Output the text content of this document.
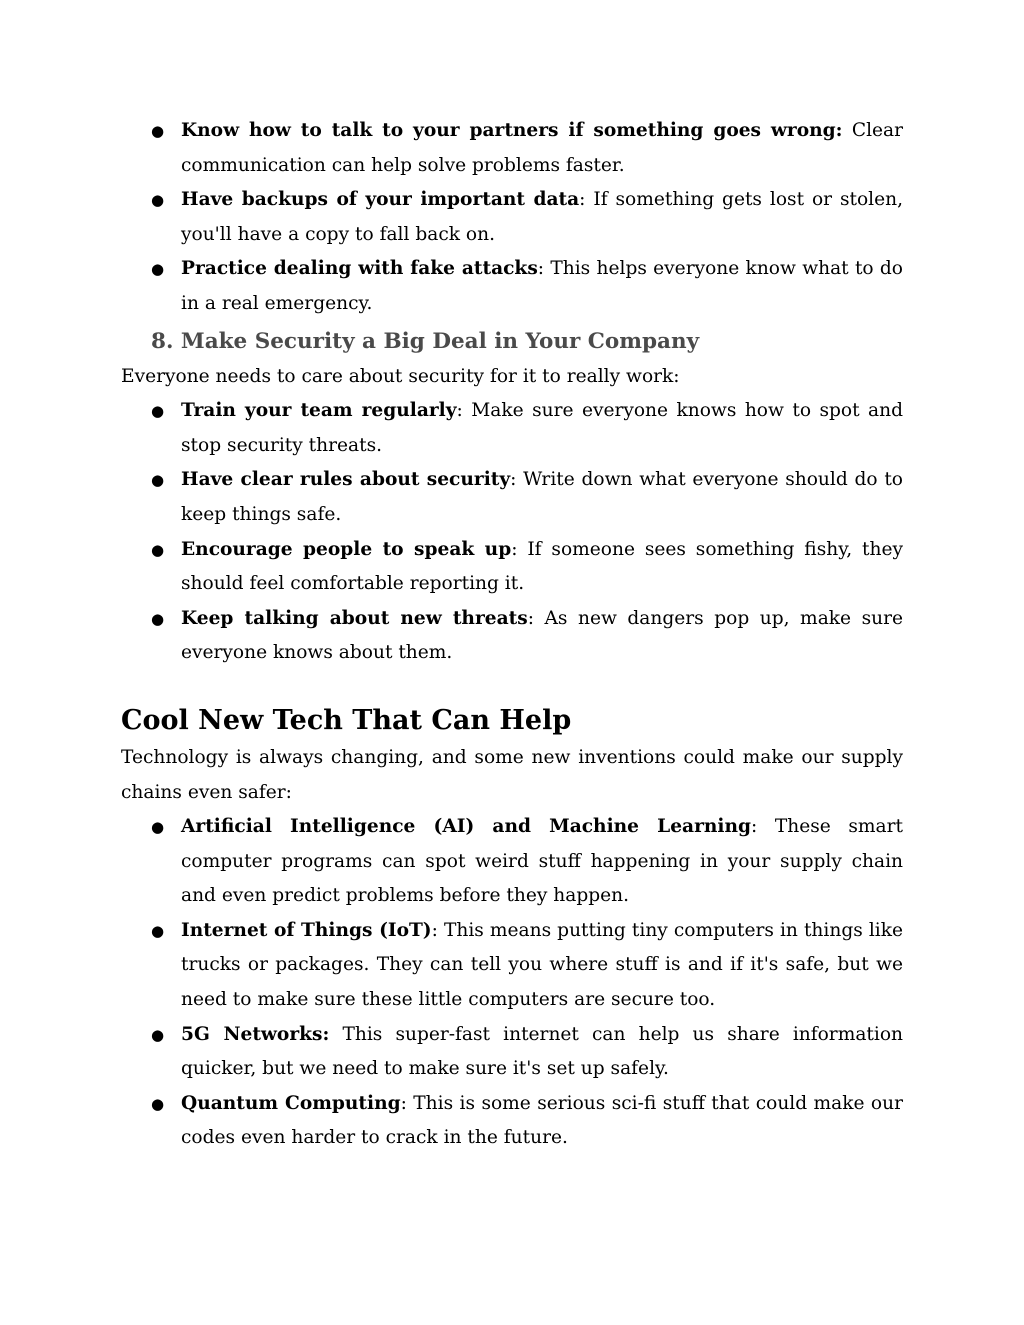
● Know how to talk to your partners if something goes wrong: Clear communication can help solve problems faster.
● Have backups of your important data: If something gets lost or stolen, you'll have a copy to fall back on.
● Practice dealing with fake attacks: This helps everyone know what to do in a real emergency.
8. Make Security a Big Deal in Your Company

Everyone needs to care about security for it to really work:

● Train your team regularly: Make sure everyone knows how to spot and stop security threats.
● Have clear rules about security: Write down what everyone should do to keep things safe.
● Encourage people to speak up: If someone sees something fishy, they should feel comfortable reporting it.
● Keep talking about new threats: As new dangers pop up, make sure everyone knows about them.
Cool New Tech That Can Help

Technology is always changing, and some new inventions could make our supply chains even safer:

● Artificial Intelligence (AI) and Machine Learning: These smart computer programs can spot weird stuff happening in your supply chain and even predict problems before they happen.
● Internet of Things (IoT): This means putting tiny computers in things like trucks or packages. They can tell you where stuff is and if it's safe, but we need to make sure these little computers are secure too.
● 5G Networks: This super-fast internet can help us share information quicker, but we need to make sure it's set up safely.
● Quantum Computing: This is some serious sci-fi stuff that could make our codes even harder to crack in the future.
